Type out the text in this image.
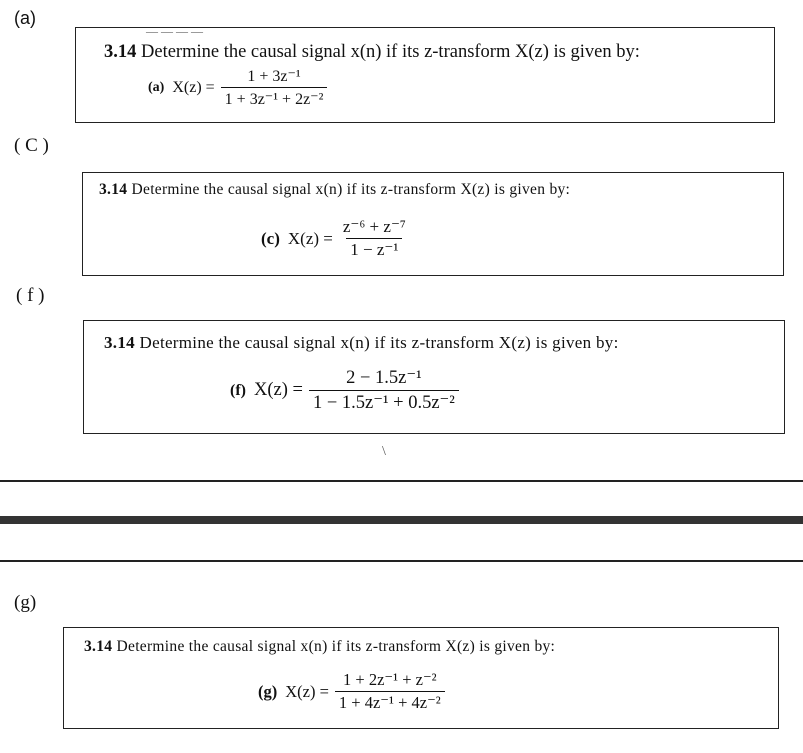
(a)
— — — —
3.14 Determine the causal signal x(n) if its z-transform X(z) is given by:
(a) $X(z) = \frac{\text{1 + 3z⁻¹}}{\text{1 + 3z⁻¹ + 2z⁻²}}$
( C )
3.14 Determine the causal signal x(n) if its z-transform X(z) is given by:
(c) $X(z) = \frac{\text{z⁻⁶ + z⁻⁷}}{\text{1 − z⁻¹}}$
( f )
3.14 Determine the causal signal x(n) if its z-transform X(z) is given by:
(f) $X(z) = \frac{\text{2 − 1.5z⁻¹}}{\text{1 − 1.5z⁻¹ + 0.5z⁻²}}$
\
(g)
3.14 Determine the causal signal x(n) if its z-transform X(z) is given by:
(g) $X(z) = \frac{\text{1 + 2z⁻¹ + z⁻²}}{\text{1 + 4z⁻¹ + 4z⁻²}}$
